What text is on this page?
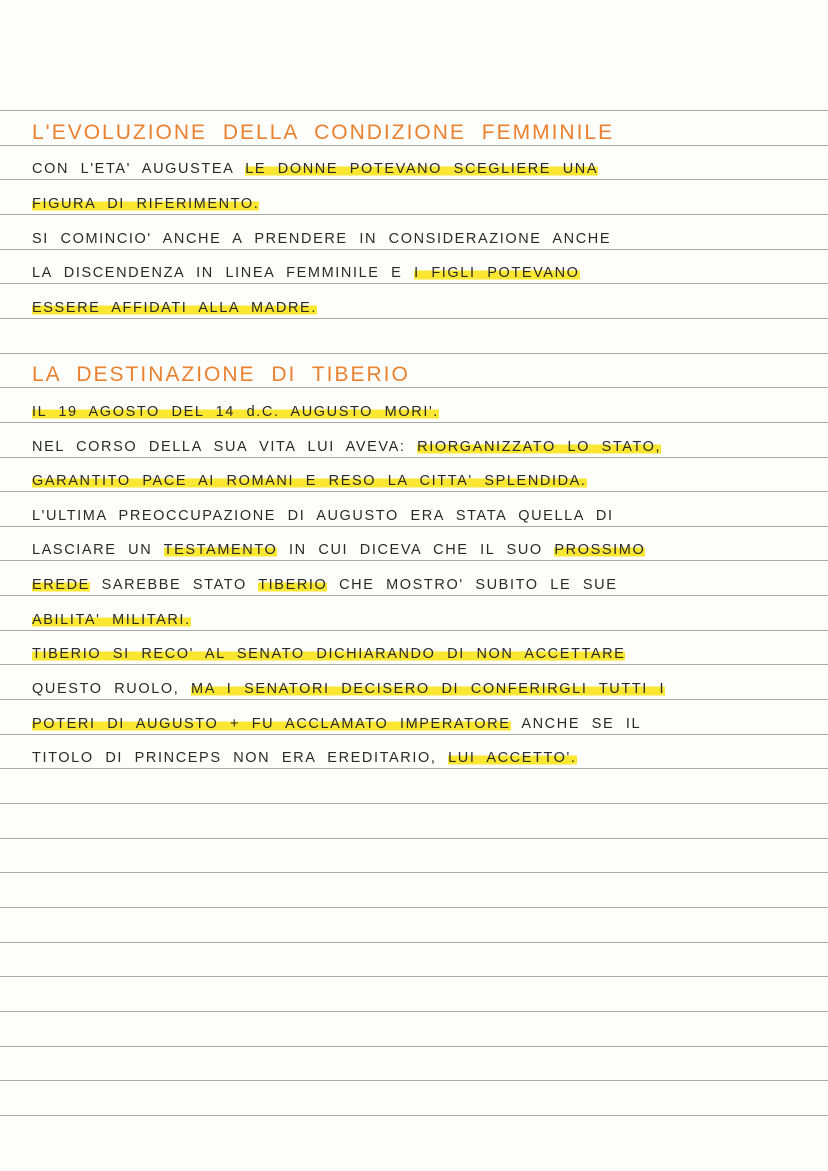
L'EVOLUZIONE DELLA CONDIZIONE FEMMINILE
CON L'ETA' AUGUSTEA LE DONNE POTEVANO SCEGLIERE UNA
FIGURA DI RIFERIMENTO.
SI COMINCIO' ANCHE A PRENDERE IN CONSIDERAZIONE ANCHE
LA DISCENDENZA IN LINEA FEMMINILE E I FIGLI POTEVANO
ESSERE AFFIDATI ALLA MADRE.
LA DESTINAZIONE DI TIBERIO
IL 19 AGOSTO DEL 14 d.C. AUGUSTO MORI'.
NEL CORSO DELLA SUA VITA LUI AVEVA: RIORGANIZZATO LO STATO,
GARANTITO PACE AI ROMANI E RESO LA CITTA' SPLENDIDA.
L'ULTIMA PREOCCUPAZIONE DI AUGUSTO ERA STATA QUELLA DI
LASCIARE UN TESTAMENTO IN CUI DICEVA CHE IL SUO PROSSIMO
EREDE SAREBBE STATO TIBERIO CHE MOSTRO' SUBITO LE SUE
ABILITA' MILITARI.
TIBERIO SI RECO' AL SENATO DICHIARANDO DI NON ACCETTARE
QUESTO RUOLO, MA I SENATORI DECISERO DI CONFERIRGLI TUTTI I
POTERI DI AUGUSTO + FU ACCLAMATO IMPERATORE ANCHE SE IL
TITOLO DI PRINCEPS NON ERA EREDITARIO, LUI ACCETTO'.
